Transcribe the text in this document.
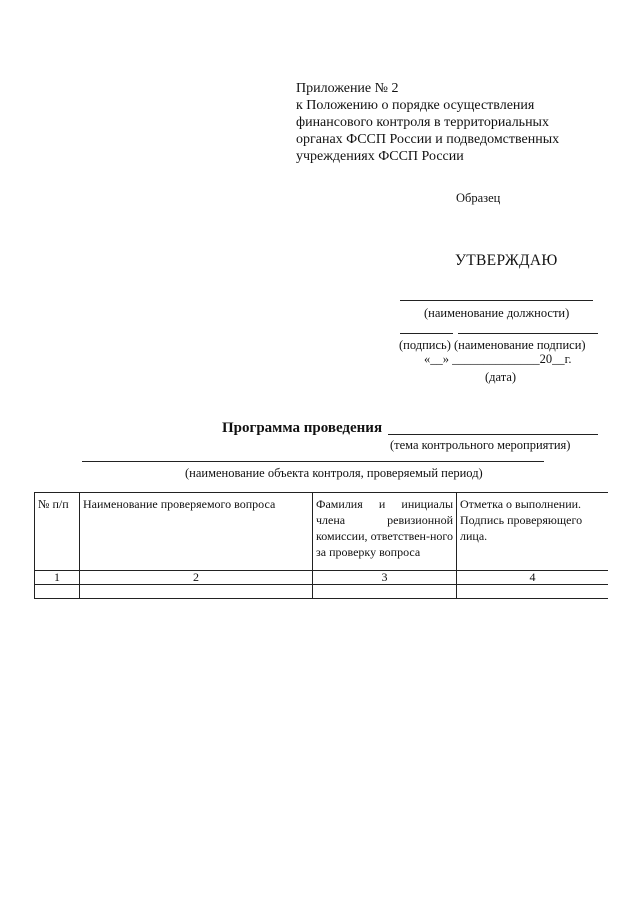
Приложение № 2
к Положению о порядке осуществления
финансового контроля в территориальных
органах ФССП России и подведомственных
учреждениях ФССП России
Образец
УТВЕРЖДАЮ
(наименование должности)
(подпись) (наименование подписи)
«__» ______________20__г.
(дата)
Программа проведения
(тема контрольного мероприятия)
(наименование объекта контроля, проверяемый период)
№ п/п	Наименование проверяемого вопроса	Фамилия и инициалы члена ревизионной комиссии, ответствен-ного за проверку вопроса	Отметка о выполнении. Подпись проверяющего лица.
1	2	3	4
